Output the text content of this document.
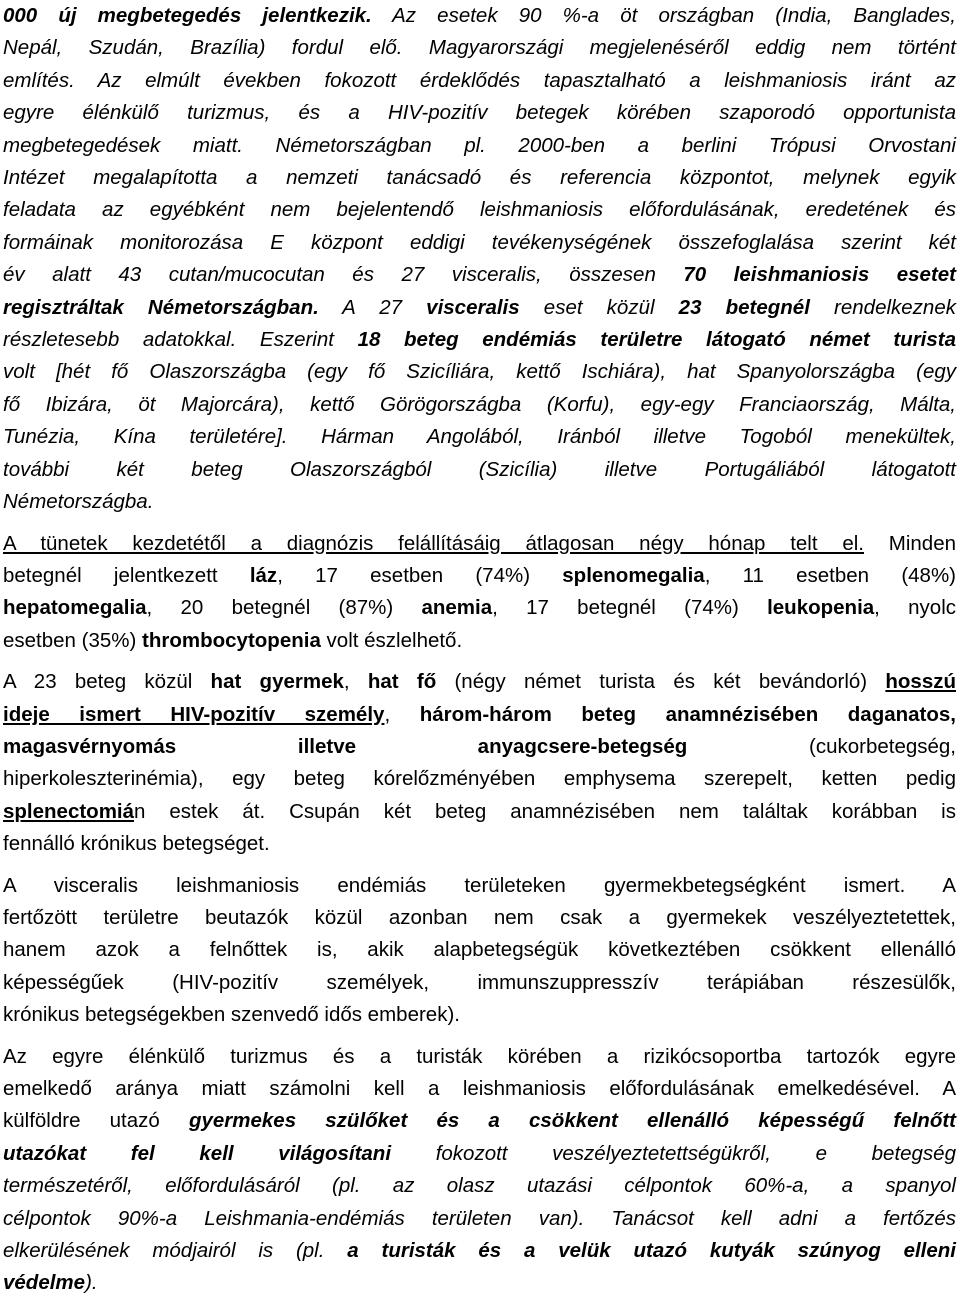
000 új megbetegedés jelentkezik. Az esetek 90 %-a öt országban (India, Banglades,
Nepál, Szudán, Brazília) fordul elő. Magyarországi megjelenéséről eddig nem történt
említés. Az elmúlt években fokozott érdeklődés tapasztalható a leishmaniosis iránt az
egyre élénkülő turizmus, és a HIV-pozitív betegek körében szaporodó opportunista
megbetegedések miatt. Németországban pl. 2000-ben a berlini Trópusi Orvostani
Intézet megalapította a nemzeti tanácsadó és referencia központot, melynek egyik
feladata az egyébként nem bejelentendő leishmaniosis előfordulásának, eredetének és
formáinak monitorozása E központ eddigi tevékenységének összefoglalása szerint két
év alatt 43 cutan/mucocutan és 27 visceralis, összesen 70 leishmaniosis esetet
regisztráltak Németországban. A 27 visceralis eset közül 23 betegnél rendelkeznek
részletesebb adatokkal. Eszerint 18 beteg endémiás területre látogató német turista
volt [hét fő Olaszországba (egy fő Szicíliára, kettő Ischiára), hat Spanyolországba (egy
fő Ibizára, öt Majorcára), kettő Görögországba (Korfu), egy-egy Franciaország, Málta,
Tunézia, Kína területére]. Hárman Angolából, Iránból illetve Togoból menekültek,
további két beteg Olaszországból (Szicília) illetve Portugáliából látogatott
Németországba.
A tünetek kezdetétől a diagnózis felállításáig átlagosan négy hónap telt el. Minden
betegnél jelentkezett láz, 17 esetben (74%) splenomegalia, 11 esetben (48%)
hepatomegalia, 20 betegnél (87%) anemia, 17 betegnél (74%) leukopenia, nyolc
esetben (35%) thrombocytopenia volt észlelhető.
A 23 beteg közül hat gyermek, hat fő (négy német turista és két bevándorló) hosszú
ideje ismert HIV-pozitív személy, három-három beteg anamnézisében daganatos,
magasvérnyomás illetve anyagcsere-betegség (cukorbetegség,
hiperkoleszterinémia), egy beteg kórelőzményében emphysema szerepelt, ketten pedig
splenectomián estek át. Csupán két beteg anamnézisében nem találtak korábban is
fennálló krónikus betegséget.
A visceralis leishmaniosis endémiás területeken gyermekbetegségként ismert. A
fertőzött területre beutazók közül azonban nem csak a gyermekek veszélyeztetettek,
hanem azok a felnőttek is, akik alapbetegségük következtében csökkent ellenálló
képességűek (HIV-pozitív személyek, immunszuppresszív terápiában részesülők,
krónikus betegségekben szenvedő idős emberek).
Az egyre élénkülő turizmus és a turisták körében a rizikócsoportba tartozók egyre
emelkedő aránya miatt számolni kell a leishmaniosis előfordulásának emelkedésével. A
külföldre utazó gyermekes szülőket és a csökkent ellenálló képességű felnőtt
utazókat fel kell világosítani fokozott veszélyeztetettségükről, e betegség
természetéről, előfordulásáról (pl. az olasz utazási célpontok 60%-a, a spanyol
célpontok 90%-a Leishmania-endémiás területen van). Tanácsot kell adni a fertőzés
elkerülésének módjairól is (pl. a turisták és a velük utazó kutyák szúnyog elleni
védelme).
